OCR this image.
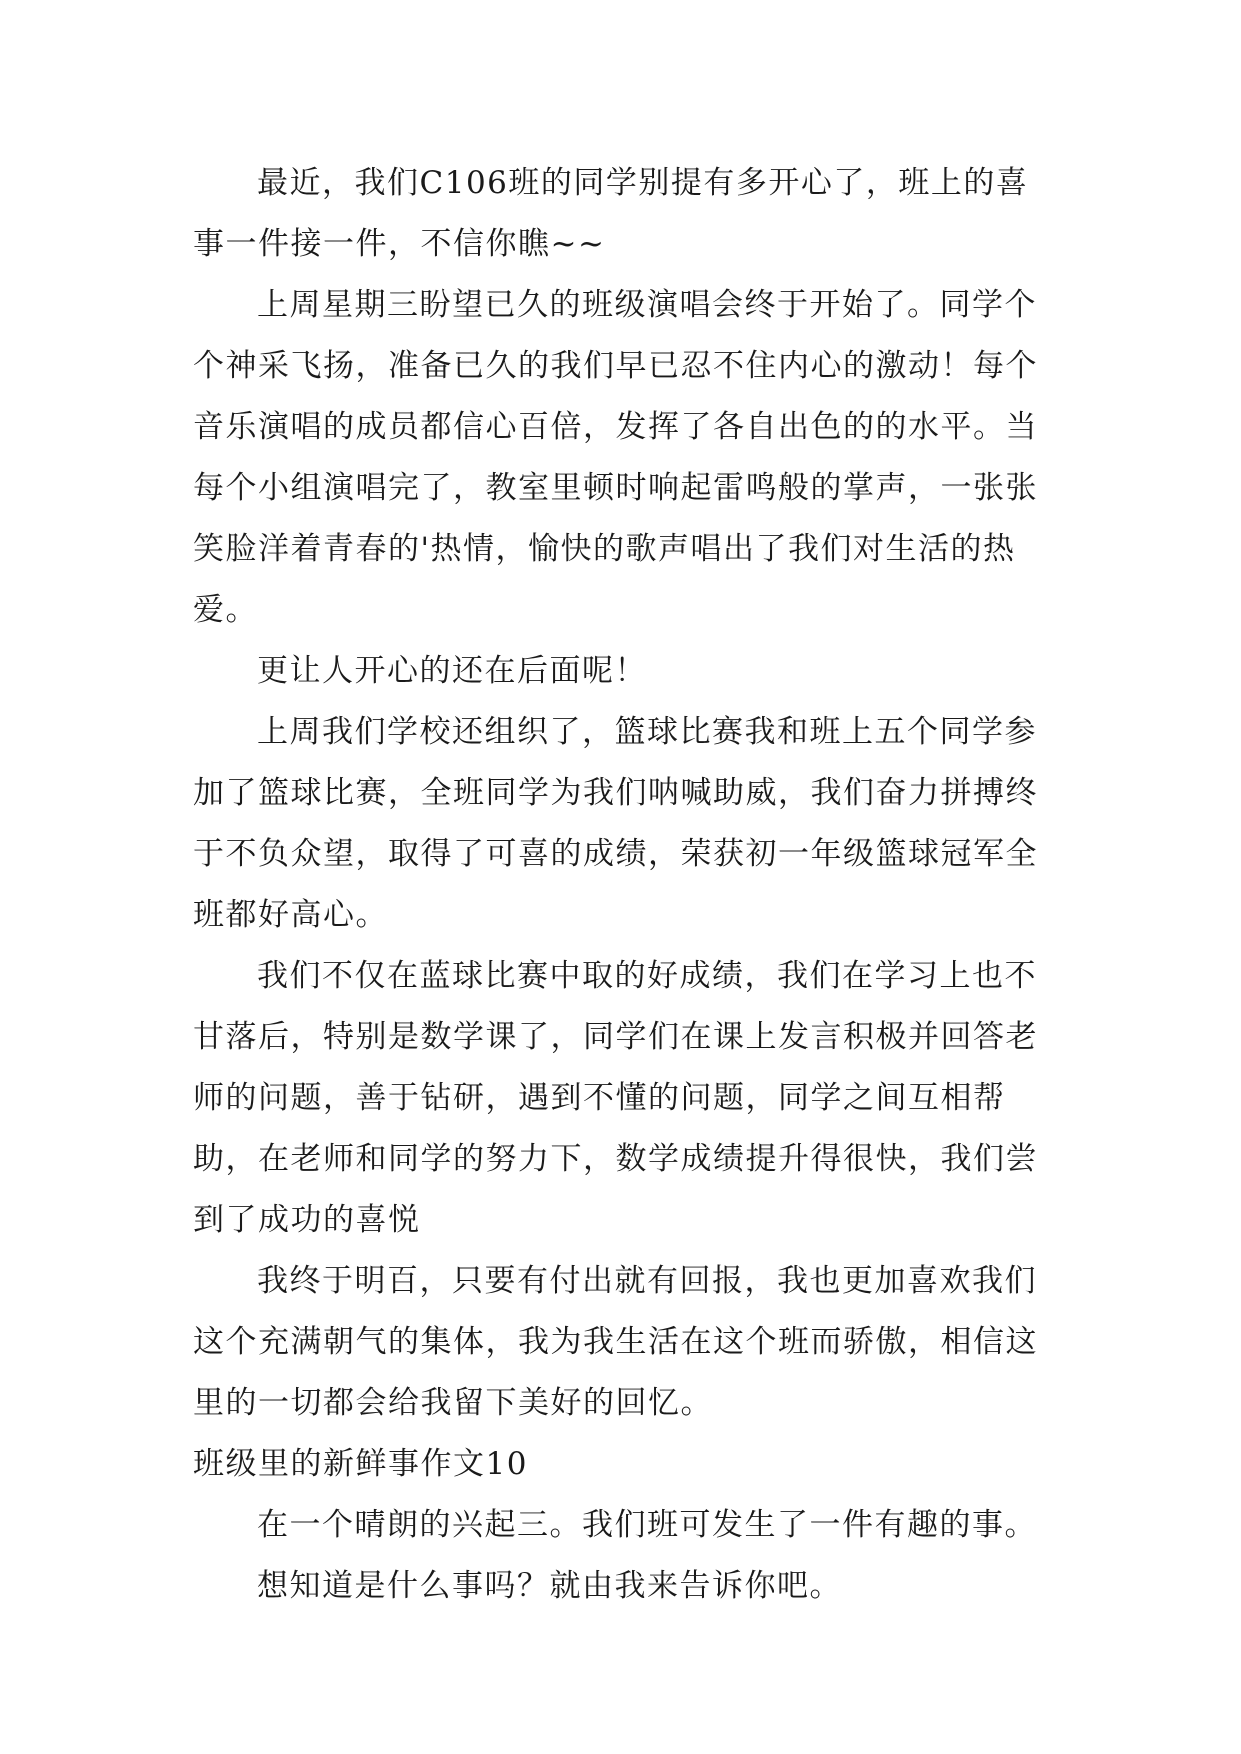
最近，我们C106班的同学别提有多开心了，班上的喜事一件接一件，不信你瞧~~

上周星期三盼望已久的班级演唱会终于开始了。同学个个神采飞扬，准备已久的我们早已忍不住内心的激动！每个音乐演唱的成员都信心百倍，发挥了各自出色的的水平。当每个小组演唱完了，教室里顿时响起雷鸣般的掌声，一张张笑脸洋着青春的'热情，愉快的歌声唱出了我们对生活的热爱。

更让人开心的还在后面呢！

上周我们学校还组织了，篮球比赛我和班上五个同学参加了篮球比赛，全班同学为我们呐喊助威，我们奋力拼搏终于不负众望，取得了可喜的成绩，荣获初一年级篮球冠军全班都好高心。

我们不仅在蓝球比赛中取的好成绩，我们在学习上也不甘落后，特别是数学课了，同学们在课上发言积极并回答老师的问题，善于钻研，遇到不懂的问题，同学之间互相帮助，在老师和同学的努力下，数学成绩提升得很快，我们尝到了成功的喜悦

我终于明百，只要有付出就有回报，我也更加喜欢我们这个充满朝气的集体，我为我生活在这个班而骄傲，相信这里的一切都会给我留下美好的回忆。

班级里的新鲜事作文10

在一个晴朗的兴起三。我们班可发生了一件有趣的事。

想知道是什么事吗？就由我来告诉你吧。
